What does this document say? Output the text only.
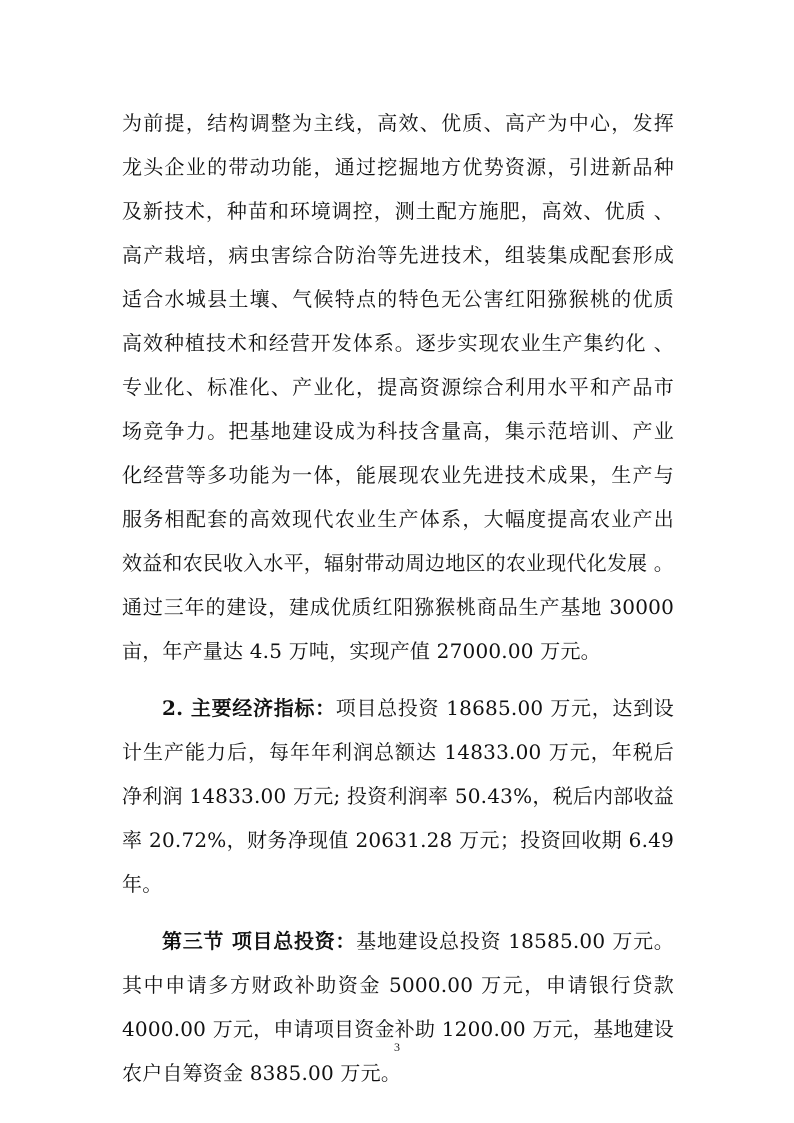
为前提，结构调整为主线，高效、优质、高产为中心，发挥
龙头企业的带动功能，通过挖掘地方优势资源，引进新品种
及新技术，种苗和环境调控，测土配方施肥，高效、优质 、
高产栽培，病虫害综合防治等先进技术，组装集成配套形成
适合水城县土壤、气候特点的特色无公害红阳猕猴桃的优质
高效种植技术和经营开发体系。逐步实现农业生产集约化 、
专业化、标准化、产业化，提高资源综合利用水平和产品市
场竞争力。把基地建设成为科技含量高，集示范培训、产业
化经营等多功能为一体，能展现农业先进技术成果，生产与
服务相配套的高效现代农业生产体系，大幅度提高农业产出
效益和农民收入水平，辐射带动周边地区的农业现代化发展 。
通过三年的建设，建成优质红阳猕猴桃商品生产基地 30000
亩，年产量达 4.5 万吨，实现产值 27000.00 万元。
2. 主要经济指标：项目总投资 18685.00 万元，达到设
计生产能力后，每年年利润总额达 14833.00 万元，年税后
净利润 14833.00 万元; 投资利润率 50.43%，税后内部收益
率 20.72%，财务净现值 20631.28 万元；投资回收期 6.49
年。
第三节 项目总投资：基地建设总投资 18585.00 万元。
其中申请多方财政补助资金 5000.00 万元，申请银行贷款
4000.00 万元，申请项目资金补助 1200.00 万元，基地建设
农户自筹资金 8385.00 万元。
3
